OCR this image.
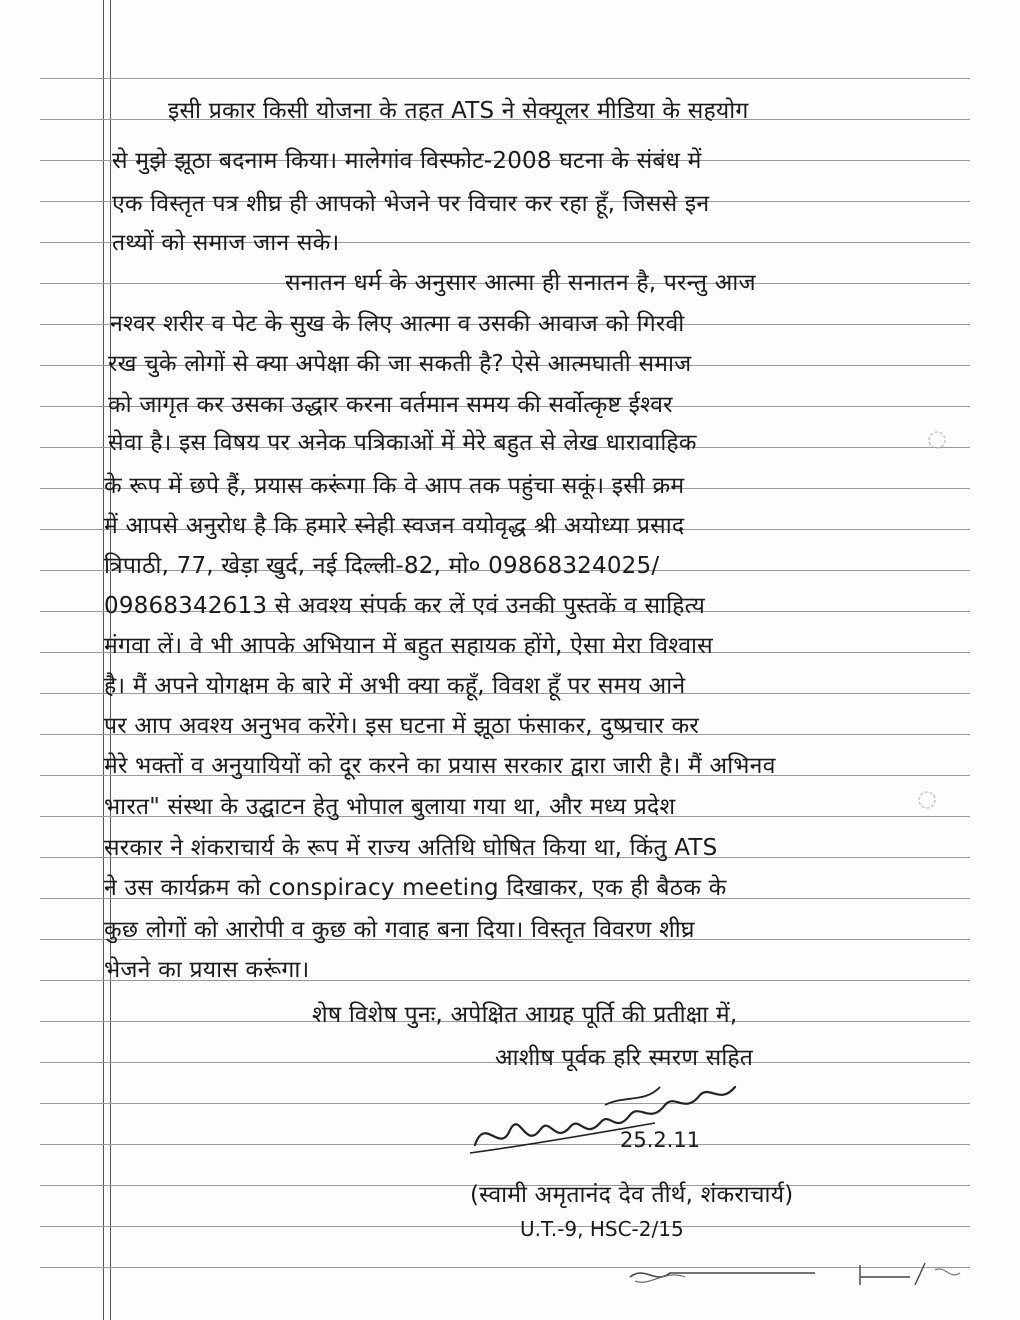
इसी प्रकार किसी योजना के तहत ATS ने सेक्यूलर मीडिया के सहयोग
से मुझे झूठा बदनाम किया। मालेगांव विस्फोट-2008 घटना के संबंध में
एक विस्तृत पत्र शीघ्र ही आपको भेजने पर विचार कर रहा हूँ, जिससे इन
तथ्यों को समाज जान सके।
सनातन धर्म के अनुसार आत्मा ही सनातन है, परन्तु आज
नश्वर शरीर व पेट के सुख के लिए आत्मा व उसकी आवाज को गिरवी
रख चुके लोगों से क्या अपेक्षा की जा सकती है? ऐसे आत्मघाती समाज
को जागृत कर उसका उद्धार करना वर्तमान समय की सर्वोत्कृष्ट ईश्वर
सेवा है। इस विषय पर अनेक पत्रिकाओं में मेरे बहुत से लेख धारावाहिक
के रूप में छपे हैं, प्रयास करूंगा कि वे आप तक पहुंचा सकूं। इसी क्रम
में आपसे अनुरोध है कि हमारे स्नेही स्वजन वयोवृद्ध श्री अयोध्या प्रसाद
त्रिपाठी, 77, खेड़ा खुर्द, नई दिल्ली-82, मो० 09868324025/
09868342613 से अवश्य संपर्क कर लें एवं उनकी पुस्तकें व साहित्य
मंगवा लें। वे भी आपके अभियान में बहुत सहायक होंगे, ऐसा मेरा विश्वास
है। मैं अपने योगक्षम के बारे में अभी क्या कहूँ, विवश हूँ पर समय आने
पर आप अवश्य अनुभव करेंगे। इस घटना में झूठा फंसाकर, दुष्प्रचार कर
मेरे भक्तों व अनुयायियों को दूर करने का प्रयास सरकार द्वारा जारी है। मैं अभिनव
भारत" संस्था के उद्घाटन हेतु भोपाल बुलाया गया था, और मध्य प्रदेश
सरकार ने शंकराचार्य के रूप में राज्य अतिथि घोषित किया था, किंतु ATS
ने उस कार्यक्रम को conspiracy meeting दिखाकर, एक ही बैठक के
कुछ लोगों को आरोपी व कुछ को गवाह बना दिया। विस्तृत विवरण शीघ्र
भेजने का प्रयास करूंगा।
शेष विशेष पुनः, अपेक्षित आग्रह पूर्ति की प्रतीक्षा में,
आशीष पूर्वक हरि स्मरण सहित
25.2.11
(स्वामी अमृतानंद देव तीर्थ, शंकराचार्य)
U.T.-9, HSC-2/15
